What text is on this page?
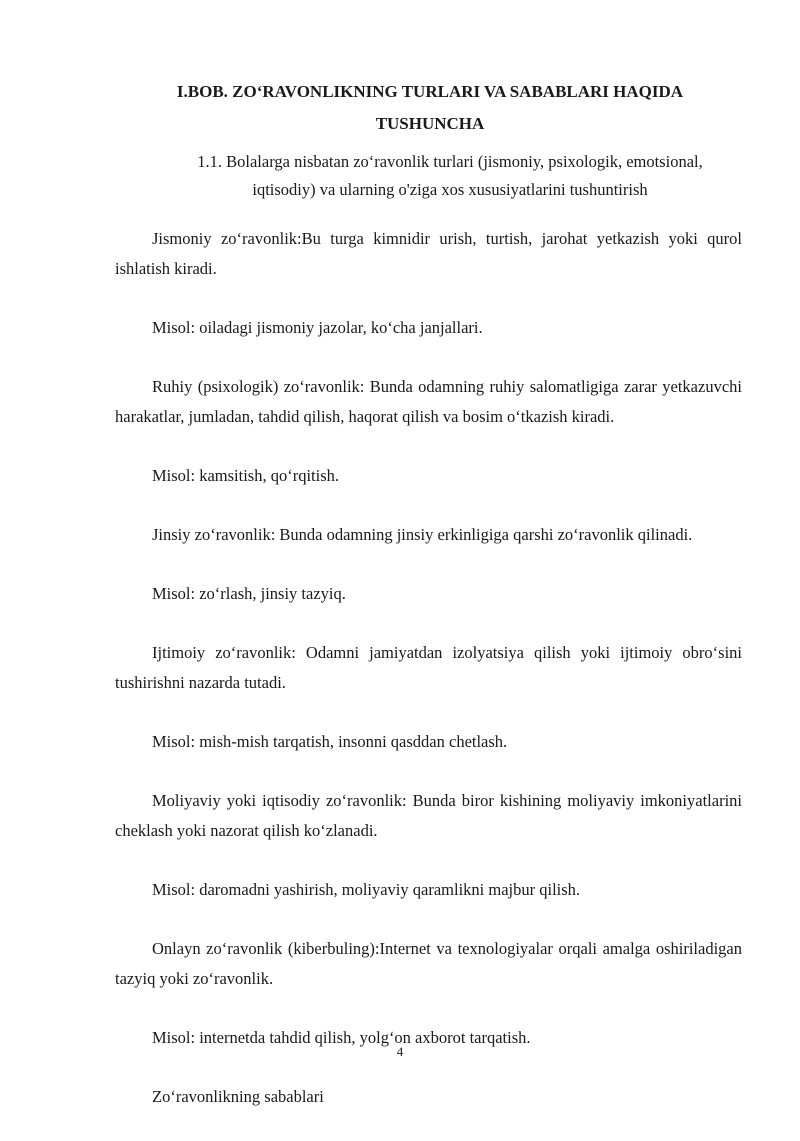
I.BOB. ZO‘RAVONLIKNING TURLARI VA SABABLARI HAQIDA
TUSHUNCHA
1.1. Bolalarga nisbatan zo‘ravonlik turlari (jismoniy, psixologik, emotsional,
iqtisodiy) va ularning o'ziga xos xususiyatlarini tushuntirish

Jismoniy zo‘ravonlik:Bu turga kimnidir urish, turtish, jarohat yetkazish yoki qurol ishlatish kiradi.

Misol: oiladagi jismoniy jazolar, ko‘cha janjallari.

Ruhiy (psixologik) zo‘ravonlik: Bunda odamning ruhiy salomatligiga zarar yetkazuvchi harakatlar, jumladan, tahdid qilish, haqorat qilish va bosim o‘tkazish kiradi.

Misol: kamsitish, qo‘rqitish.

Jinsiy zo‘ravonlik: Bunda odamning jinsiy erkinligiga qarshi zo‘ravonlik qilinadi.

Misol: zo‘rlash, jinsiy tazyiq.

Ijtimoiy zo‘ravonlik: Odamni jamiyatdan izolyatsiya qilish yoki ijtimoiy obro‘sini tushirishni nazarda tutadi.

Misol: mish-mish tarqatish, insonni qasddan chetlash.

Moliyaviy yoki iqtisodiy zo‘ravonlik: Bunda biror kishining moliyaviy imkoniyatlarini cheklash yoki nazorat qilish ko‘zlanadi.

Misol: daromadni yashirish, moliyaviy qaramlikni majbur qilish.

Onlayn zo‘ravonlik (kiberbuling):Internet va texnologiyalar orqali amalga oshiriladigan tazyiq yoki zo‘ravonlik.

Misol: internetda tahdid qilish, yolg‘on axborot tarqatish.

Zo‘ravonlikning sabablari

4
